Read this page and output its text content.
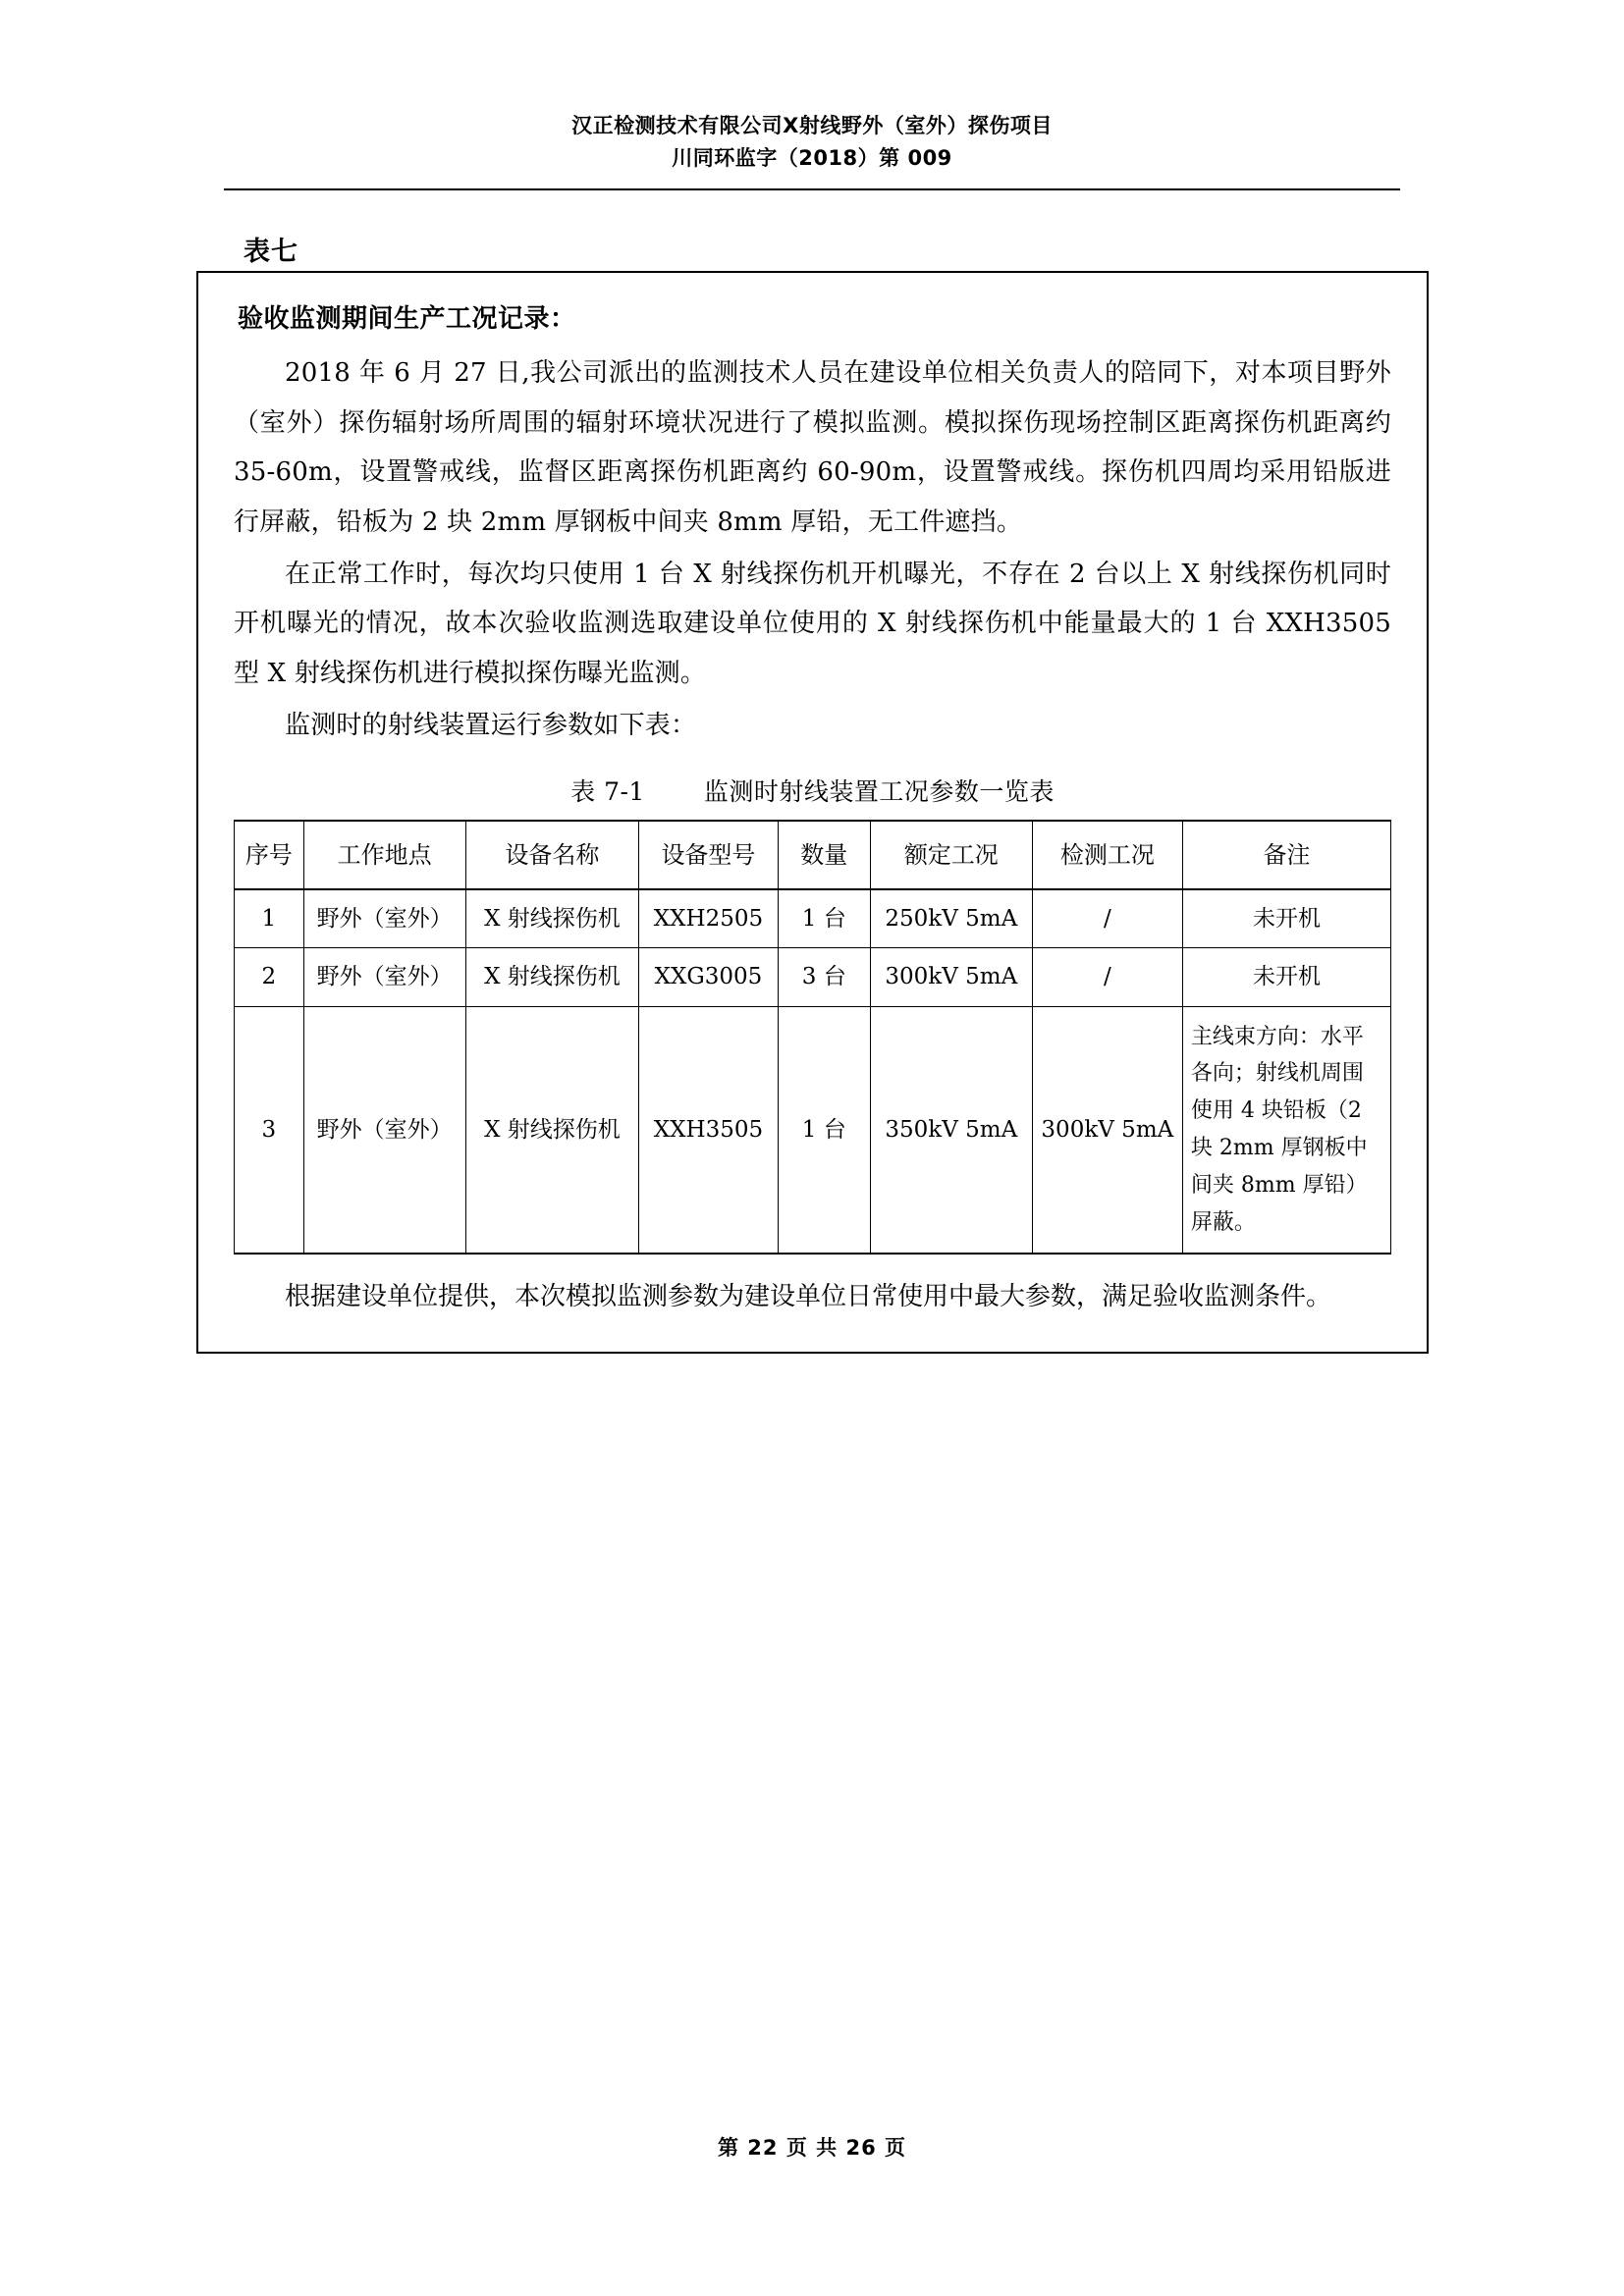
汉正检测技术有限公司X射线野外（室外）探伤项目
川同环监字（2018）第 009
表七
验收监测期间生产工况记录：

2018 年 6 月 27 日,我公司派出的监测技术人员在建设单位相关负责人的陪同下，对本项目野外（室外）探伤辐射场所周围的辐射环境状况进行了模拟监测。模拟探伤现场控制区距离探伤机距离约 35-60m，设置警戒线，监督区距离探伤机距离约 60-90m，设置警戒线。探伤机四周均采用铅版进行屏蔽，铅板为 2 块 2mm 厚钢板中间夹 8mm 厚铅，无工件遮挡。

在正常工作时，每次均只使用 1 台 X 射线探伤机开机曝光，不存在 2 台以上 X 射线探伤机同时开机曝光的情况，故本次验收监测选取建设单位使用的 X 射线探伤机中能量最大的 1 台 XXH3505 型 X 射线探伤机进行模拟探伤曝光监测。

监测时的射线装置运行参数如下表：

表 7-1 监测时射线装置工况参数一览表
序号	工作地点	设备名称	设备型号	数量	额定工况	检测工况	备注
1	野外（室外）	X 射线探伤机	XXH2505	1 台	250kV 5mA	/	未开机
2	野外（室外）	X 射线探伤机	XXG3005	3 台	300kV 5mA	/	未开机
3	野外（室外）	X 射线探伤机	XXH3505	1 台	350kV 5mA	300kV 5mA	主线束方向：水平各向；射线机周围使用 4 块铅板（2 块 2mm 厚钢板中间夹 8mm 厚铅）屏蔽。

根据建设单位提供，本次模拟监测参数为建设单位日常使用中最大参数，满足验收监测条件。

第 22 页 共 26 页
